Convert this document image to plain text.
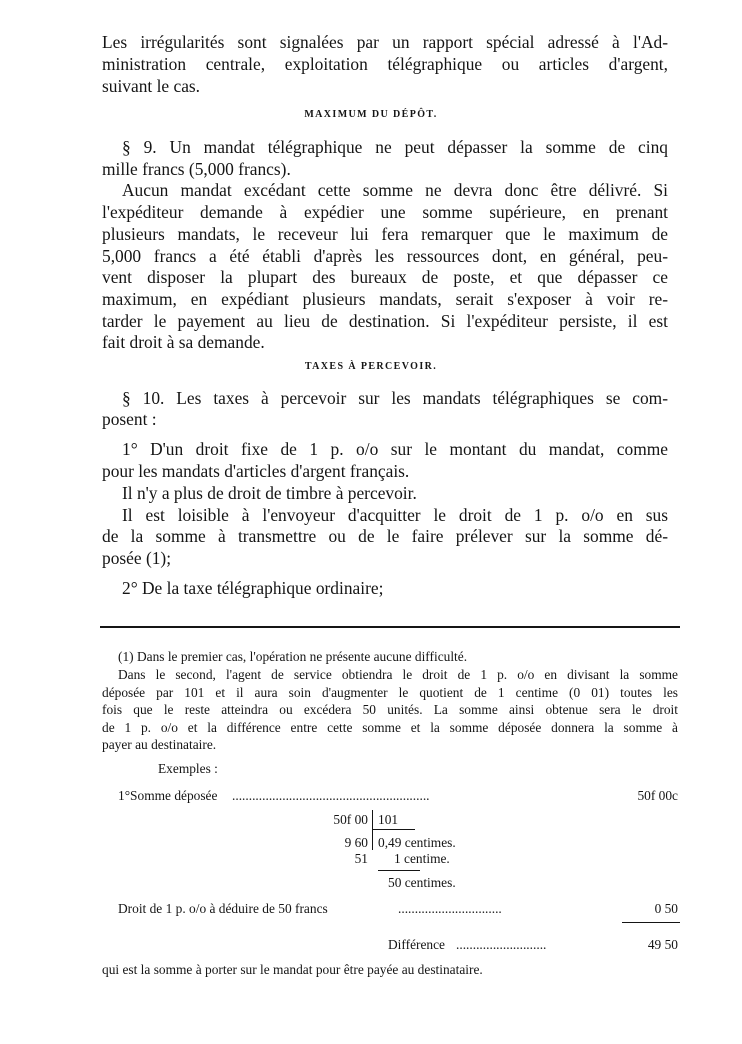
Les irrégularités sont signalées par un rapport spécial adressé à l'Ad-
ministration centrale, exploitation télégraphique ou articles d'argent,
suivant le cas.
MAXIMUM DU DÉPÔT.
§ 9. Un mandat télégraphique ne peut dépasser la somme de cinq
mille francs (5,000 francs).
Aucun mandat excédant cette somme ne devra donc être délivré. Si
l'expéditeur demande à expédier une somme supérieure, en prenant
plusieurs mandats, le receveur lui fera remarquer que le maximum de
5,000 francs a été établi d'après les ressources dont, en général, peu-
vent disposer la plupart des bureaux de poste, et que dépasser ce
maximum, en expédiant plusieurs mandats, serait s'exposer à voir re-
tarder le payement au lieu de destination. Si l'expéditeur persiste, il est
fait droit à sa demande.
TAXES À PERCEVOIR.
§ 10. Les taxes à percevoir sur les mandats télégraphiques se com-
posent :
1° D'un droit fixe de 1 p. o/o sur le montant du mandat, comme
pour les mandats d'articles d'argent français.
Il n'y a plus de droit de timbre à percevoir.
Il est loisible à l'envoyeur d'acquitter le droit de 1 p. o/o en sus
de la somme à transmettre ou de le faire prélever sur la somme dé-
posée (1);
2° De la taxe télégraphique ordinaire;
(1) Dans le premier cas, l'opération ne présente aucune difficulté.
Dans le second, l'agent de service obtiendra le droit de 1 p. o/o en divisant la somme
déposée par 101 et il aura soin d'augmenter le quotient de 1 centime (0 01) toutes les
fois que le reste atteindra ou excédera 50 unités. La somme ainsi obtenue sera le droit
de 1 p. o/o et la différence entre cette somme et la somme déposée donnera la somme à
payer au destinataire.
Exemples :
1°Somme déposée ...........................................................	50f 00c
50f 00 101
9 60 0,49 centimes.
51 1 centime.
50 centimes.
Droit de 1 p. o/o à déduire de 50 francs	...............................	0 50
Différence ...........................	49 50
qui est la somme à porter sur le mandat pour être payée au destinataire.
